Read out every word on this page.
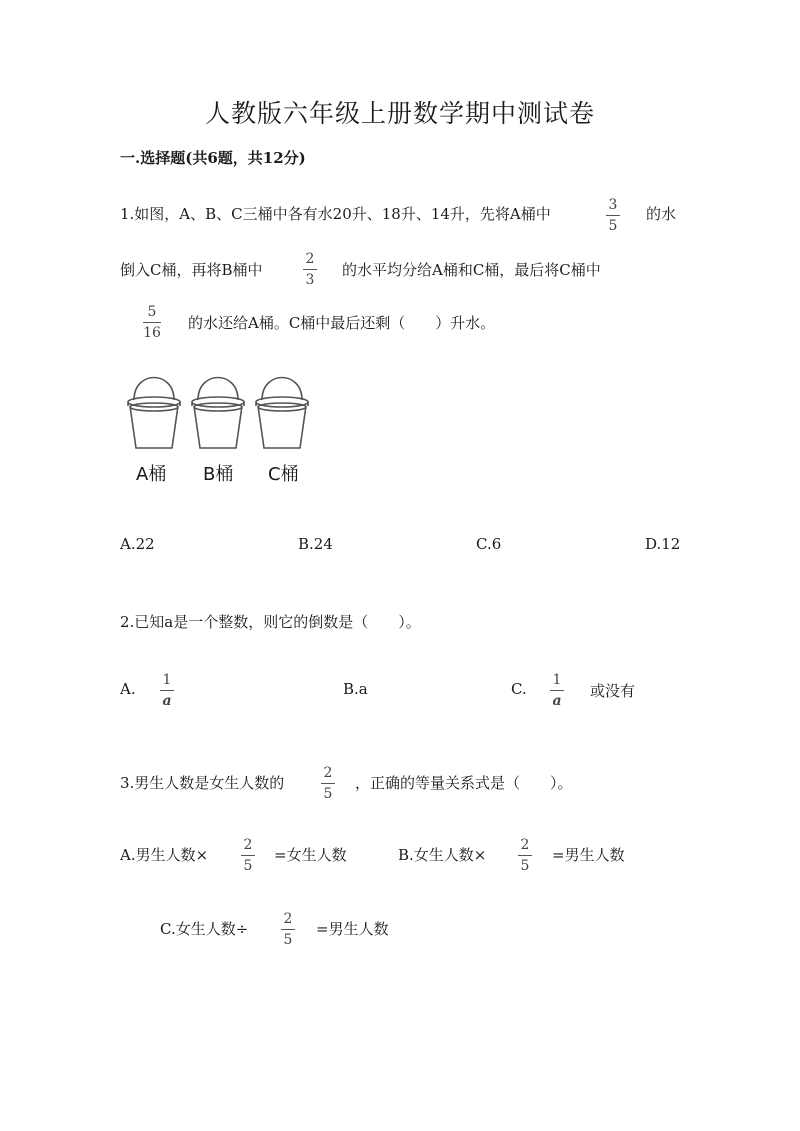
人教版六年级上册数学期中测试卷
一.选择题(共6题，共12分)
1.如图，A、B、C三桶中各有水20升、18升、14升，先将A桶中	3
5
的水
倒入C桶，再将B桶中
2
3
的水平均分给A桶和C桶，最后将C桶中
5
16
的水还给A桶。C桶中最后还剩（　　）升水。
A桶 B桶 C桶
A.22	B.24	C.6	D.12
2.已知a是一个整数，则它的倒数是（　　）。
A. 1
a
B.a	C. 1
a
或没有
3.男生人数是女生人数的
2
5
，正确的等量关系式是（　　）。
A.男生人数×
2
5
=女生人数	B.女生人数×
2
5
=男生人数
C.女生人数÷
2
5
=男生人数
